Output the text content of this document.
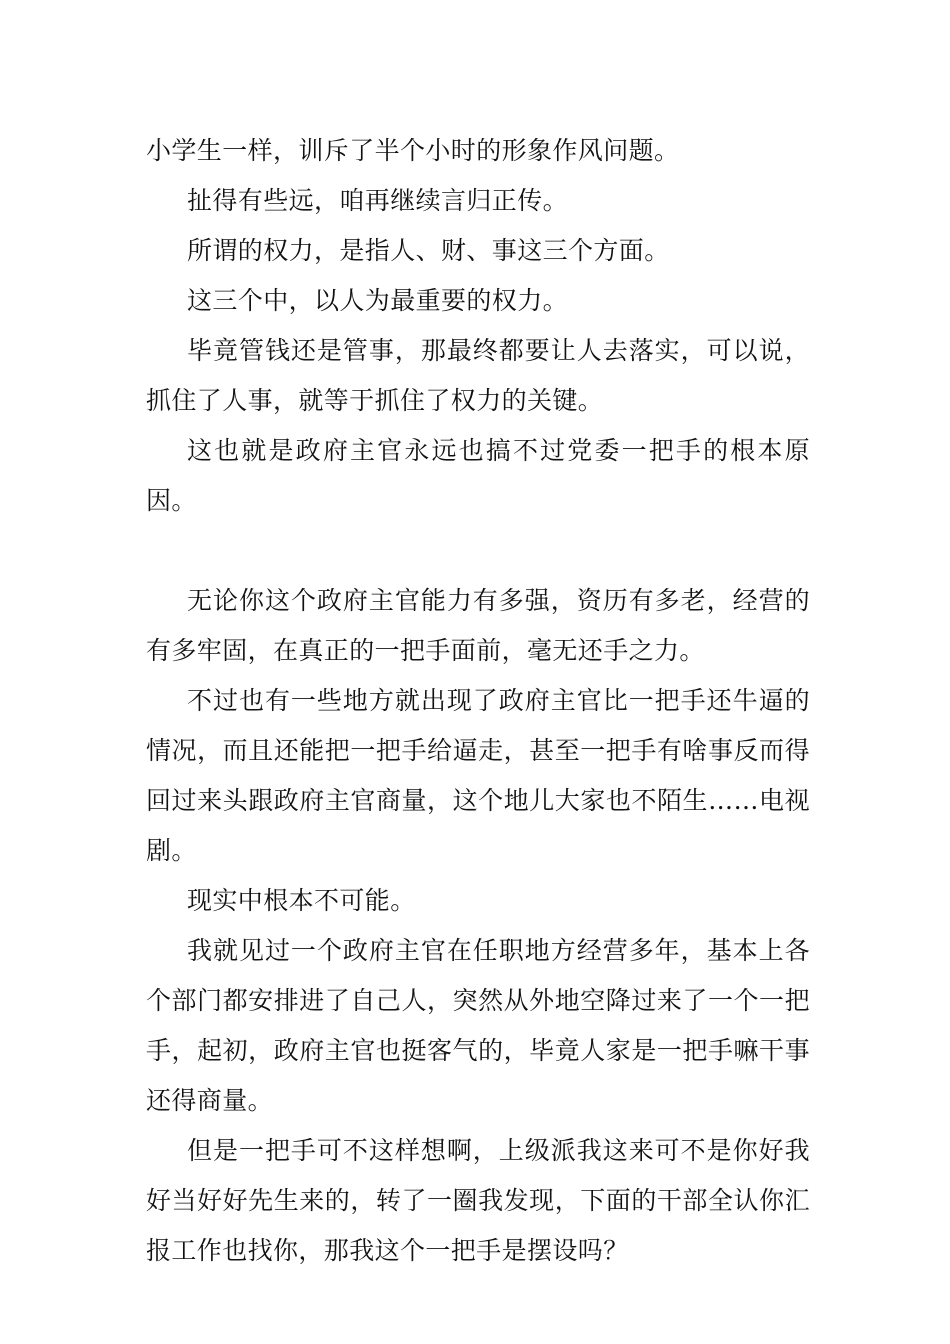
小学生一样，训斥了半个小时的形象作风问题。

扯得有些远，咱再继续言归正传。

所谓的权力，是指人、财、事这三个方面。

这三个中，以人为最重要的权力。

毕竟管钱还是管事，那最终都要让人去落实，可以说，抓住了人事，就等于抓住了权力的关键。

这也就是政府主官永远也搞不过党委一把手的根本原因。

无论你这个政府主官能力有多强，资历有多老，经营的有多牢固，在真正的一把手面前，毫无还手之力。

不过也有一些地方就出现了政府主官比一把手还牛逼的情况，而且还能把一把手给逼走，甚至一把手有啥事反而得回过来头跟政府主官商量，这个地儿大家也不陌生……电视剧。

现实中根本不可能。

我就见过一个政府主官在任职地方经营多年，基本上各个部门都安排进了自己人，突然从外地空降过来了一个一把手，起初，政府主官也挺客气的，毕竟人家是一把手嘛干事还得商量。

但是一把手可不这样想啊，上级派我这来可不是你好我好当好好先生来的，转了一圈我发现，下面的干部全认你汇报工作也找你，那我这个一把手是摆设吗？
